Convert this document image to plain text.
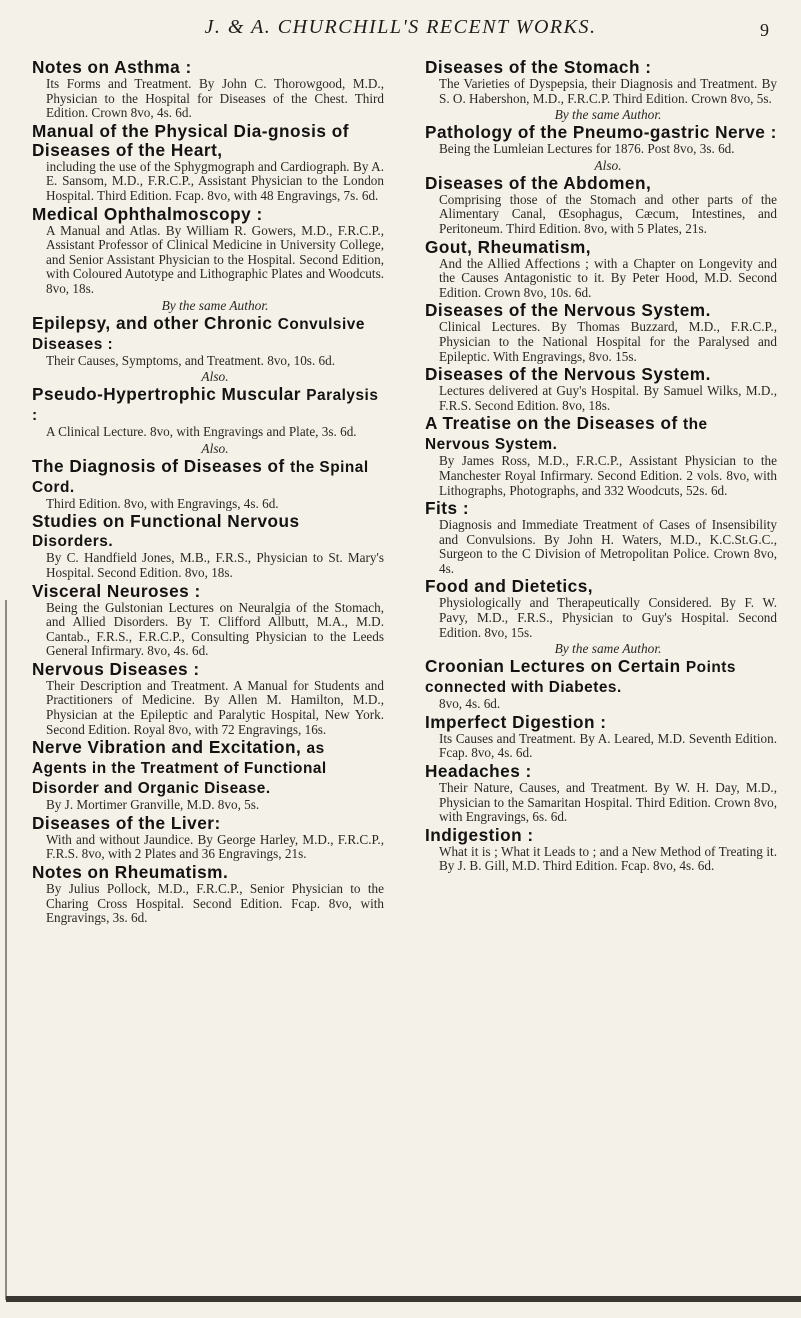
J. & A. CHURCHILL'S RECENT WORKS.	9
Notes on Asthma :
Its Forms and Treatment. By John C. Thorowgood, M.D., Physician to the Hospital for Diseases of the Chest. Third Edition. Crown 8vo, 4s. 6d.
Manual of the Physical Dia-gnosis of Diseases of the Heart,
including the use of the Sphygmograph and Cardiograph. By A. E. Sansom, M.D., F.R.C.P., Assistant Physician to the London Hospital. Third Edition. Fcap. 8vo, with 48 Engravings, 7s. 6d.
Medical Ophthalmoscopy :
A Manual and Atlas. By William R. Gowers, M.D., F.R.C.P., Assistant Professor of Clinical Medicine in University College, and Senior Assistant Physician to the Hospital. Second Edition, with Coloured Autotype and Lithographic Plates and Woodcuts. 8vo, 18s.
By the same Author.
Epilepsy, and other Chronic Convulsive Diseases :
Their Causes, Symptoms, and Treatment. 8vo, 10s. 6d.
Also.
Pseudo-Hypertrophic Muscular Paralysis :
A Clinical Lecture. 8vo, with Engravings and Plate, 3s. 6d.
Also.
The Diagnosis of Diseases of the Spinal Cord.
Third Edition. 8vo, with Engravings, 4s. 6d.
Studies on Functional Nervous Disorders.
By C. Handfield Jones, M.B., F.R.S., Physician to St. Mary's Hospital. Second Edition. 8vo, 18s.
Visceral Neuroses :
Being the Gulstonian Lectures on Neuralgia of the Stomach, and Allied Disorders. By T. Clifford Allbutt, M.A., M.D. Cantab., F.R.S., F.R.C.P., Consulting Physician to the Leeds General Infirmary. 8vo, 4s. 6d.
Nervous Diseases :
Their Description and Treatment. A Manual for Students and Practitioners of Medicine. By Allen M. Hamilton, M.D., Physician at the Epileptic and Paralytic Hospital, New York. Second Edition. Royal 8vo, with 72 Engravings, 16s.
Nerve Vibration and Excitation, as Agents in the Treatment of Functional Disorder and Organic Disease.
By J. Mortimer Granville, M.D. 8vo, 5s.
Diseases of the Liver:
With and without Jaundice. By George Harley, M.D., F.R.C.P., F.R.S. 8vo, with 2 Plates and 36 Engravings, 21s.
Notes on Rheumatism.
By Julius Pollock, M.D., F.R.C.P., Senior Physician to the Charing Cross Hospital. Second Edition. Fcap. 8vo, with Engravings, 3s. 6d.
Diseases of the Stomach :
The Varieties of Dyspepsia, their Diagnosis and Treatment. By S. O. Habershon, M.D., F.R.C.P. Third Edition. Crown 8vo, 5s.
By the same Author.
Pathology of the Pneumo-gastric Nerve :
Being the Lumleian Lectures for 1876. Post 8vo, 3s. 6d.
Also.
Diseases of the Abdomen,
Comprising those of the Stomach and other parts of the Alimentary Canal, Œsophagus, Cæcum, Intestines, and Peritoneum. Third Edition. 8vo, with 5 Plates, 21s.
Gout, Rheumatism,
And the Allied Affections ; with a Chapter on Longevity and the Causes Antagonistic to it. By Peter Hood, M.D. Second Edition. Crown 8vo, 10s. 6d.
Diseases of the Nervous System.
Clinical Lectures. By Thomas Buzzard, M.D., F.R.C.P., Physician to the National Hospital for the Paralysed and Epileptic. With Engravings, 8vo. 15s.
Diseases of the Nervous System.
Lectures delivered at Guy's Hospital. By Samuel Wilks, M.D., F.R.S. Second Edition. 8vo, 18s.
A Treatise on the Diseases of the Nervous System.
By James Ross, M.D., F.R.C.P., Assistant Physician to the Manchester Royal Infirmary. Second Edition. 2 vols. 8vo, with Lithographs, Photographs, and 332 Woodcuts, 52s. 6d.
Fits :
Diagnosis and Immediate Treatment of Cases of Insensibility and Convulsions. By John H. Waters, M.D., K.C.St.G.C., Surgeon to the C Division of Metropolitan Police. Crown 8vo, 4s.
Food and Dietetics,
Physiologically and Therapeutically Considered. By F. W. Pavy, M.D., F.R.S., Physician to Guy's Hospital. Second Edition. 8vo, 15s.
By the same Author.
Croonian Lectures on Certain Points connected with Diabetes.
8vo, 4s. 6d.
Imperfect Digestion :
Its Causes and Treatment. By A. Leared, M.D. Seventh Edition. Fcap. 8vo, 4s. 6d.
Headaches :
Their Nature, Causes, and Treatment. By W. H. Day, M.D., Physician to the Samaritan Hospital. Third Edition. Crown 8vo, with Engravings, 6s. 6d.
Indigestion :
What it is ; What it Leads to ; and a New Method of Treating it. By J. B. Gill, M.D. Third Edition. Fcap. 8vo, 4s. 6d.
